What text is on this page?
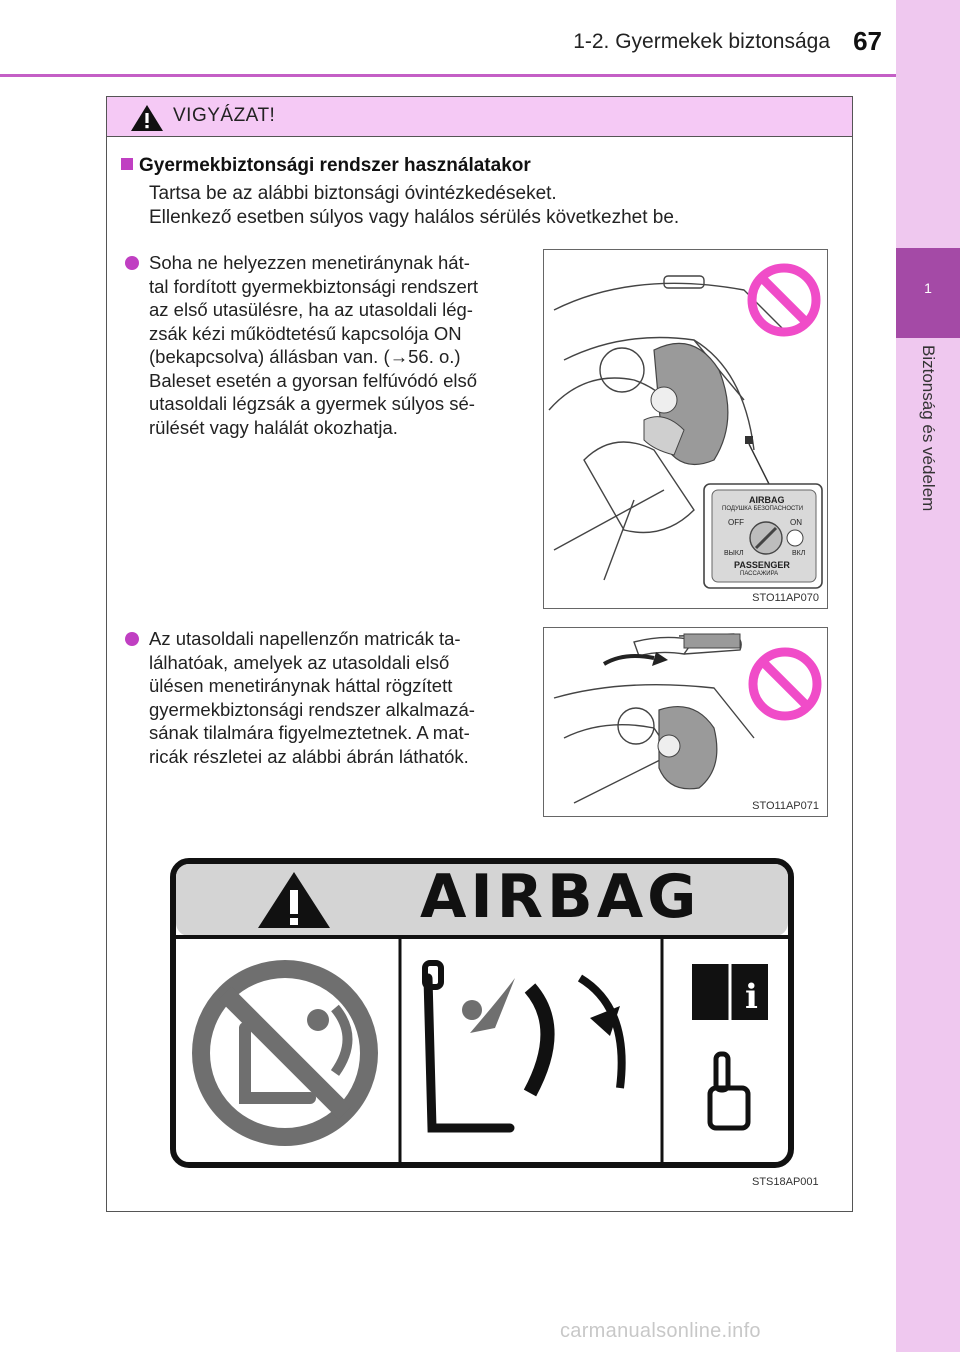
1-2. Gyermekek biztonsága 67
1
Biztonság és védelem
VIGYÁZAT!
Gyermekbiztonsági rendszer használatakor
Tartsa be az alábbi biztonsági óvintézkedéseket.
Ellenkező esetben súlyos vagy halálos sérülés következhet be.

Soha ne helyezzen menetiránynak hát-

tal fordított gyermekbiztonsági rendszert

az első utasülésre, ha az utasoldali lég-

zsák kézi működtetésű kapcsolója ON

(bekapcsolva) állásban van. (→56. o.)

Baleset esetén a gyorsan felfúvódó első

utasoldali légzsák a gyermek súlyos sé-

rülését vagy halálát okozhatja.

Az utasoldali napellenzőn matricák ta-

lálhatóak, amelyek az utasoldali első

ülésen menetiránynak háttal rögzített

gyermekbiztonsági rendszer alkalmazá-

sának tilalmára figyelmeztetnek. A mat-

ricák részletei az alábbi ábrán láthatók.

AIRBAG
ПОДУШКА БЕЗОПАСНОСТИ
OFF	ON
ВЫКЛ	ВКЛ
PASSENGER
ПАССАЖИРА
STO11AP070
STO11AP071
i
AIRBAG
STS18AP001
carmanualsonline.info
